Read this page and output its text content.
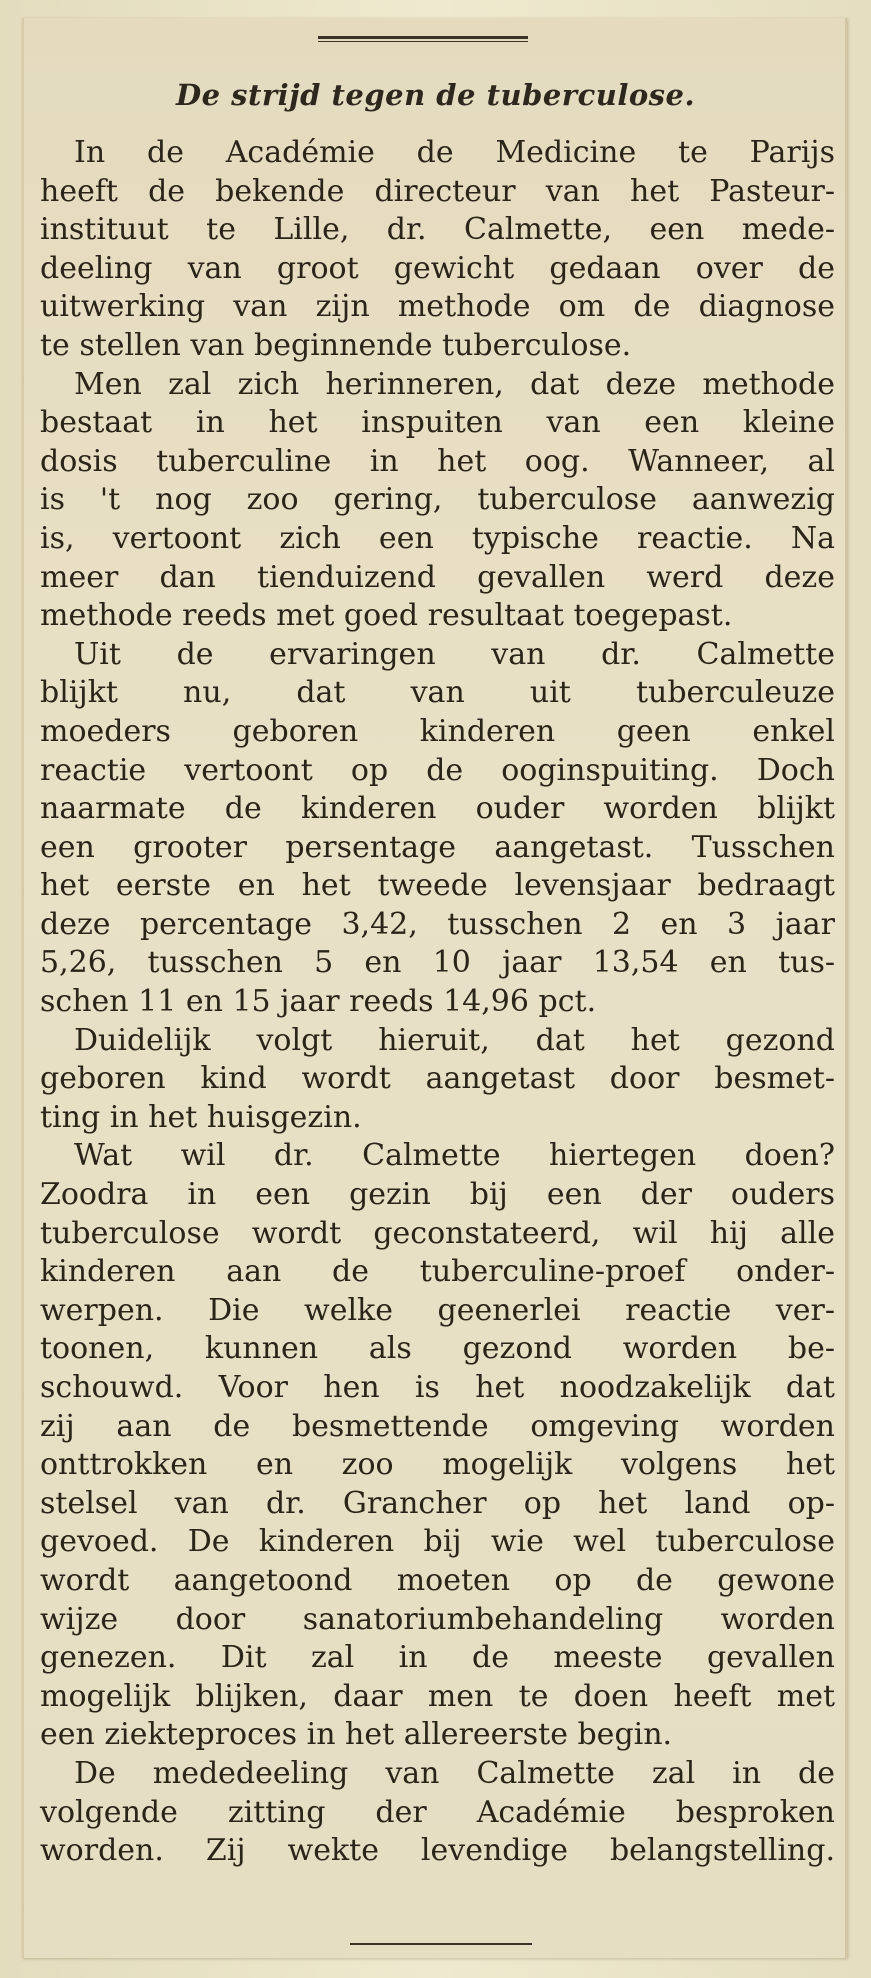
De strijd tegen de tuberculose.
In de Académie de Medicine te Parijs
heeft de bekende directeur van het Pasteur-
instituut te Lille, dr. Calmette, een mede-
deeling van groot gewicht gedaan over de
uitwerking van zijn methode om de diagnose
te stellen van beginnende tuberculose.
Men zal zich herinneren, dat deze methode
bestaat in het inspuiten van een kleine
dosis tuberculine in het oog. Wanneer, al
is 't nog zoo gering, tuberculose aanwezig
is, vertoont zich een typische reactie. Na
meer dan tienduizend gevallen werd deze
methode reeds met goed resultaat toegepast.
Uit de ervaringen van dr. Calmette
blijkt nu, dat van uit tuberculeuze
moeders geboren kinderen geen enkel
reactie vertoont op de ooginspuiting. Doch
naarmate de kinderen ouder worden blijkt
een grooter persentage aangetast. Tusschen
het eerste en het tweede levensjaar bedraagt
deze percentage 3,42, tusschen 2 en 3 jaar
5,26, tusschen 5 en 10 jaar 13,54 en tus-
schen 11 en 15 jaar reeds 14,96 pct.
Duidelijk volgt hieruit, dat het gezond
geboren kind wordt aangetast door besmet-
ting in het huisgezin.
Wat wil dr. Calmette hiertegen doen?
Zoodra in een gezin bij een der ouders
tuberculose wordt geconstateerd, wil hij alle
kinderen aan de tuberculine-proef onder-
werpen. Die welke geenerlei reactie ver-
toonen, kunnen als gezond worden be-
schouwd. Voor hen is het noodzakelijk dat
zij aan de besmettende omgeving worden
onttrokken en zoo mogelijk volgens het
stelsel van dr. Grancher op het land op-
gevoed. De kinderen bij wie wel tuberculose
wordt aangetoond moeten op de gewone
wijze door sanatoriumbehandeling worden
genezen. Dit zal in de meeste gevallen
mogelijk blijken, daar men te doen heeft met
een ziekteproces in het allereerste begin.
De mededeeling van Calmette zal in de
volgende zitting der Académie besproken
worden. Zij wekte levendige belangstelling.
